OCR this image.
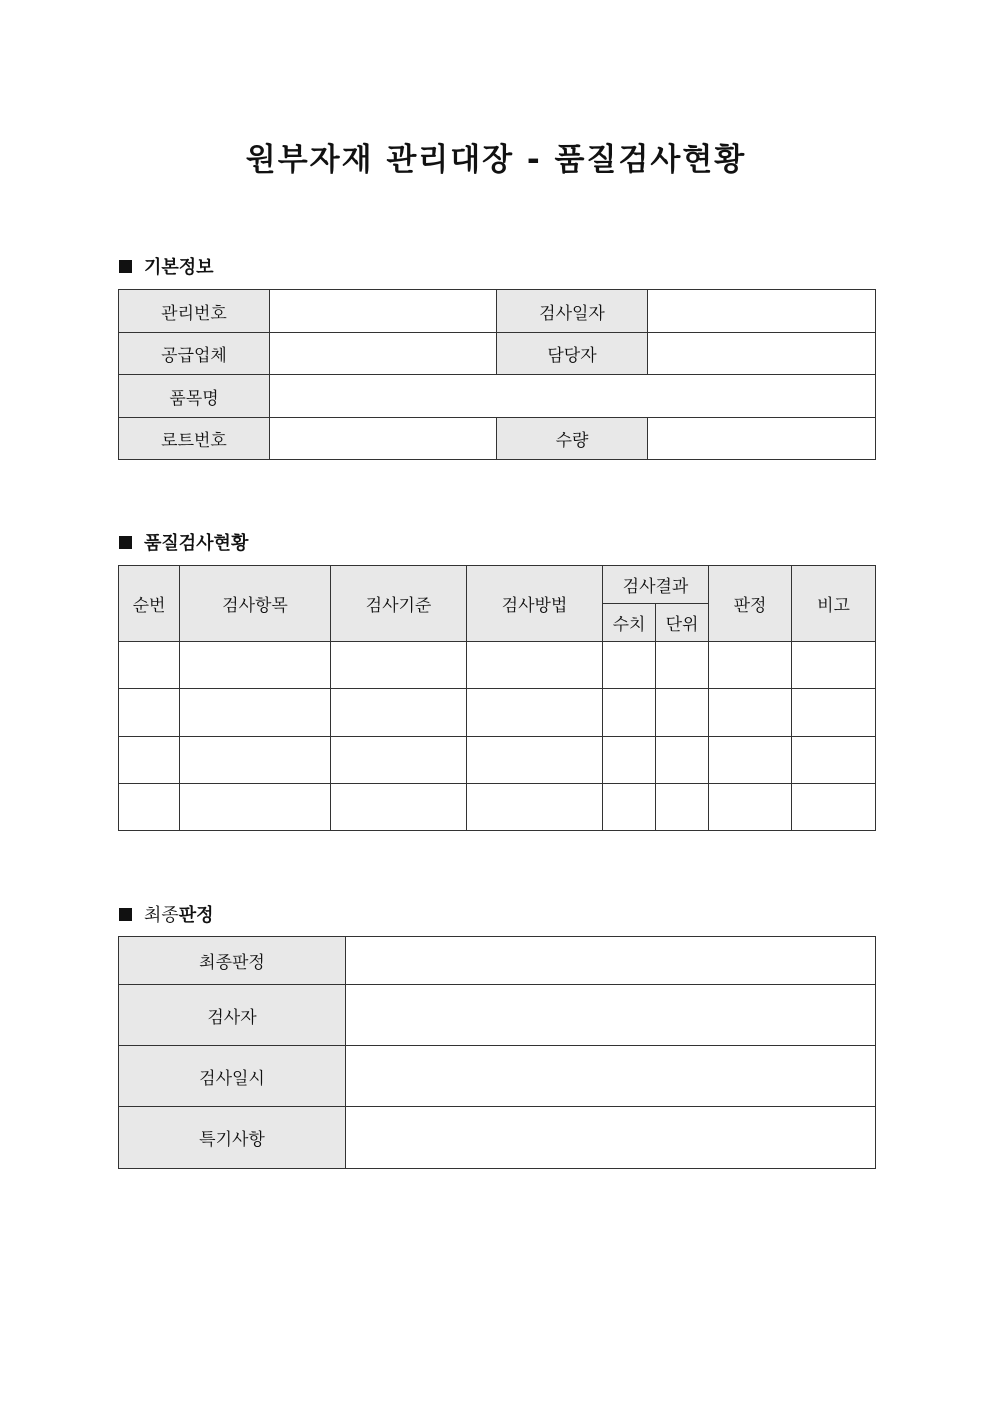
원부자재 관리대장 - 품질검사현황
기본정보
관리번호		검사일자	
공급업체		담당자	
품목명			
로트번호		수량	
품질검사현황
순번	검사항목	검사기준	검사방법	검사결과		판정	비고
				수치	단위		

최종 판정
최종판정	
검사자	
검사일시	
특기사항	
